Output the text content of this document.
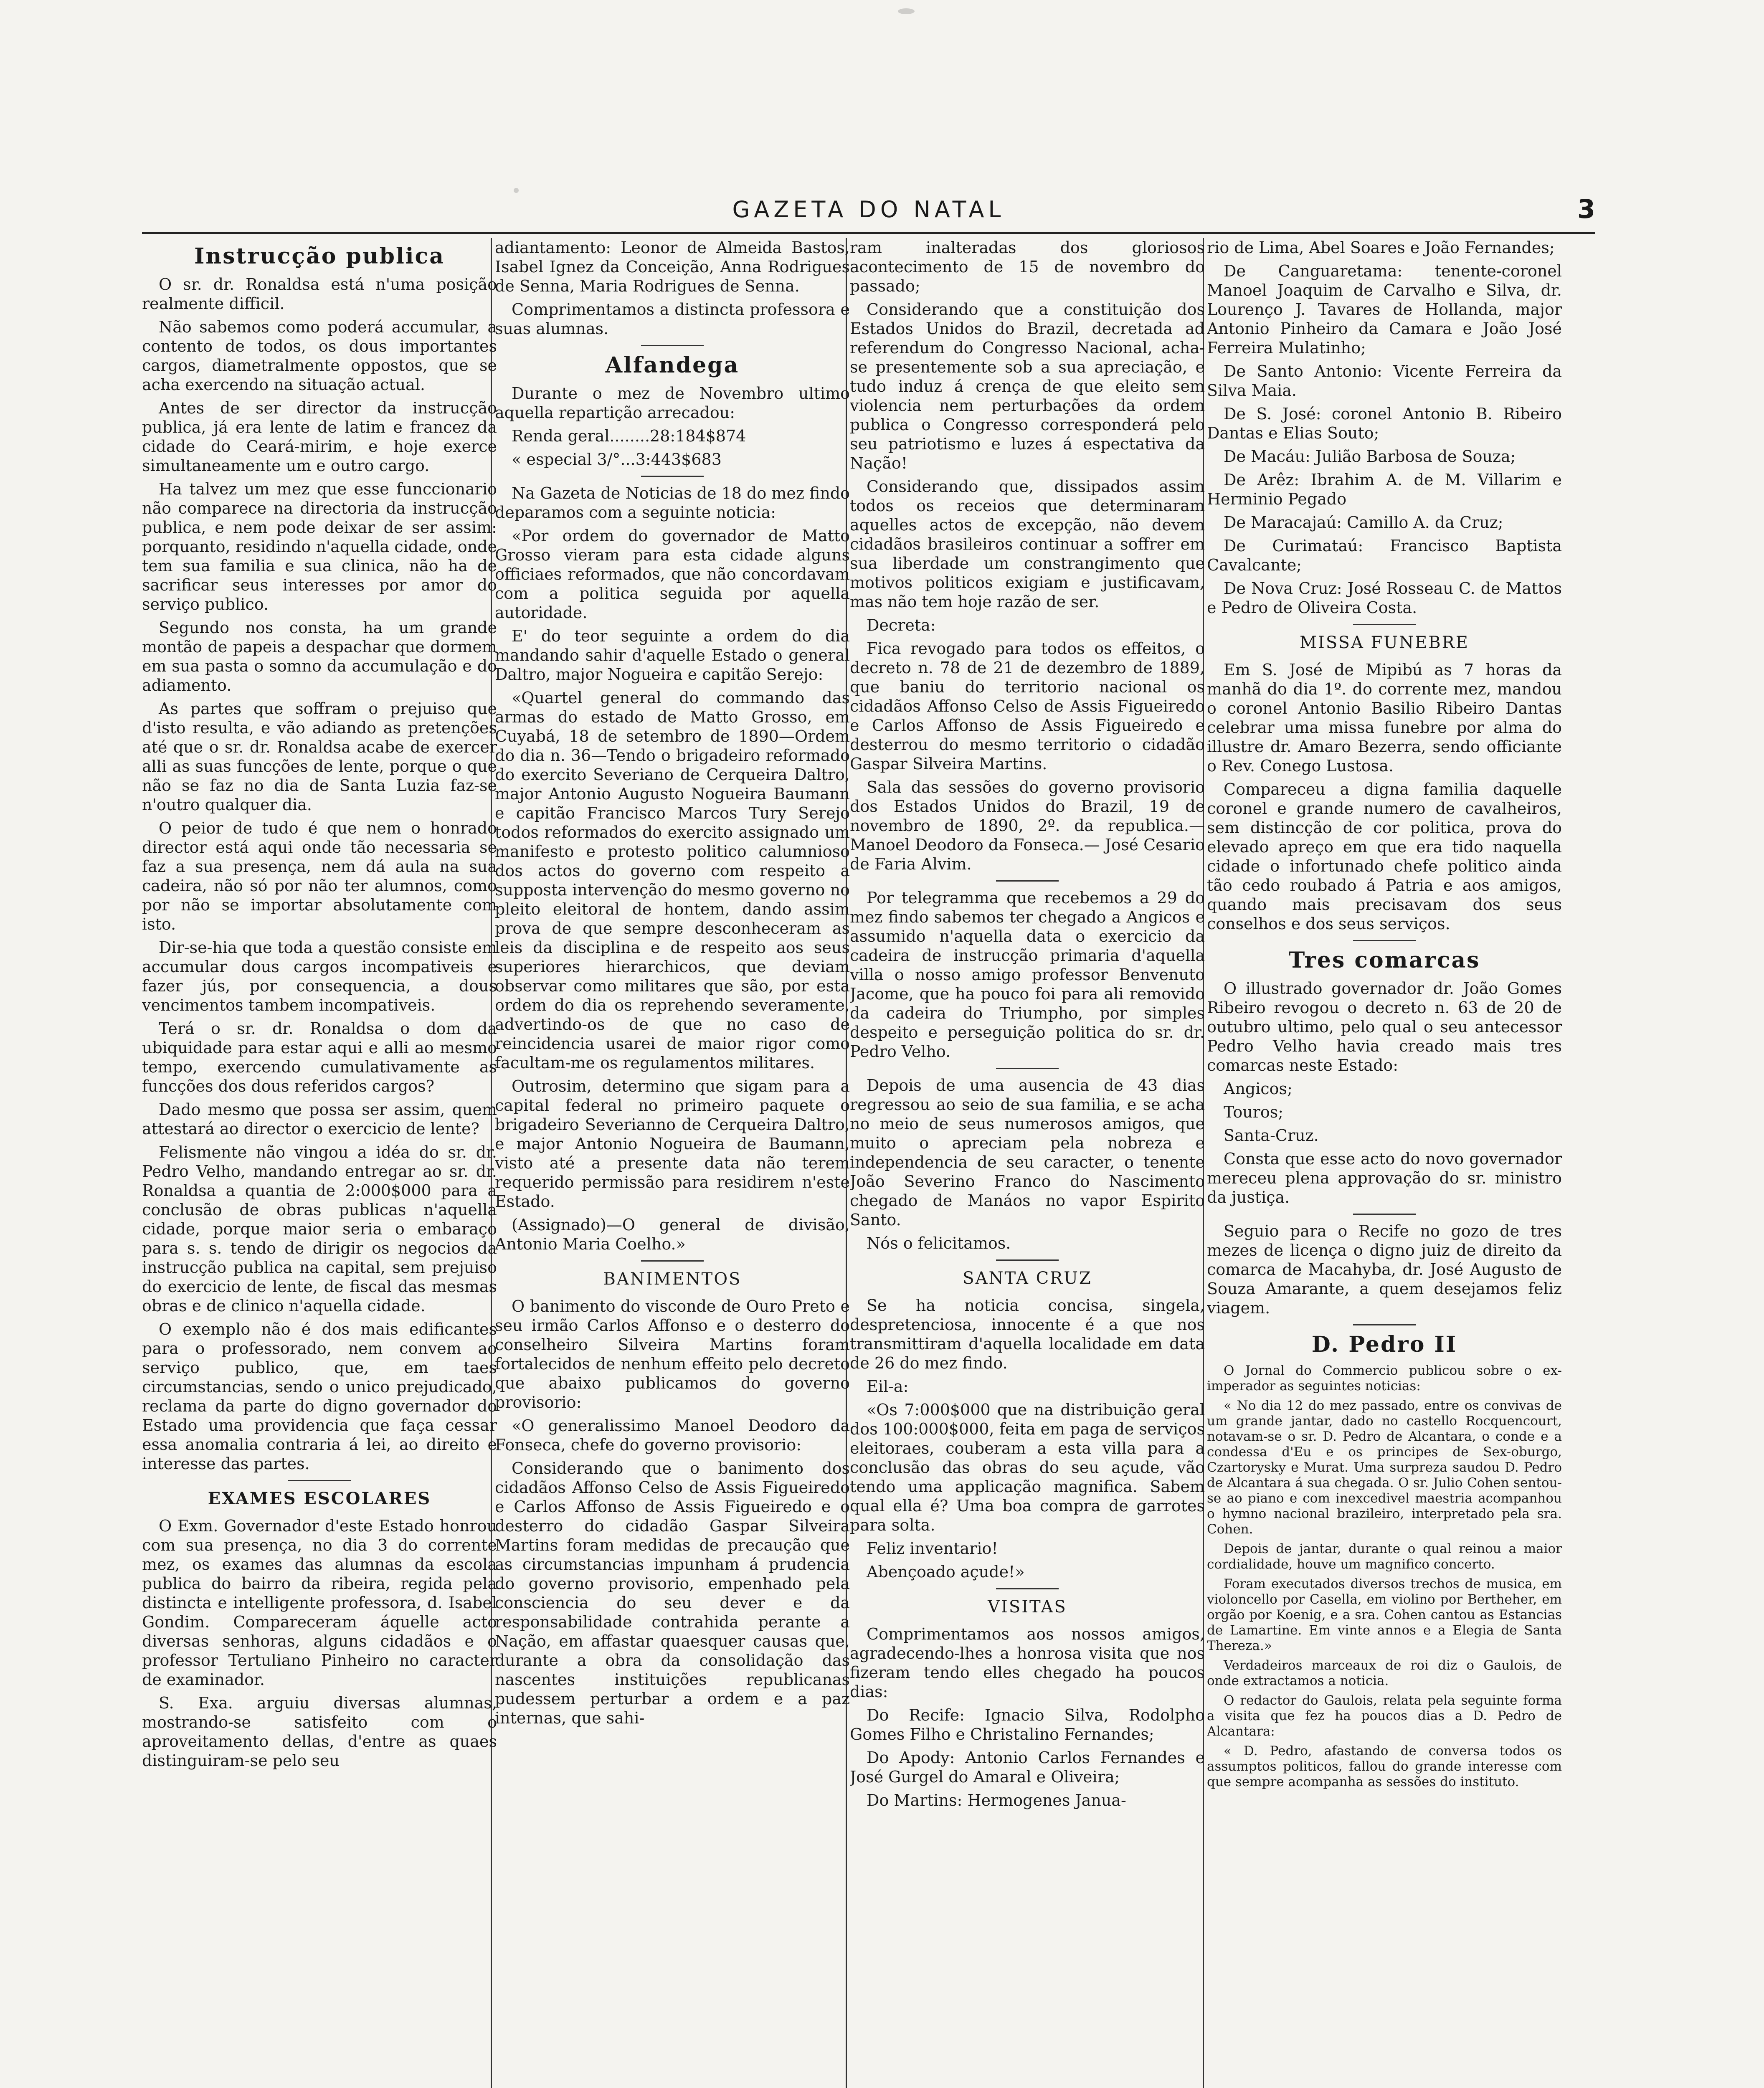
GAZETA DO NATAL	3
Instrucção publica

O sr. dr. Ronaldsa está n'uma posição realmente difficil.

Não sabemos como poderá accumular, a contento de todos, os dous importantes cargos, diametralmente oppostos, que se acha exercendo na situação actual.

Antes de ser director da instrucção publica, já era lente de latim e francez da cidade do Ceará-mirim, e hoje exerce simultaneamente um e outro cargo.

Ha talvez um mez que esse funccionario não comparece na directoria da instrucção publica, e nem pode deixar de ser assim: porquanto, residindo n'aquella cidade, onde tem sua familia e sua clinica, não ha de sacrificar seus interesses por amor do serviço publico.

Segundo nos consta, ha um grande montão de papeis a despachar que dormem em sua pasta o somno da accumulação e do adiamento.

As partes que soffram o prejuiso que d'isto resulta, e vão adiando as pretenções até que o sr. dr. Ronaldsa acabe de exercer alli as suas funcções de lente, porque o que não se faz no dia de Santa Luzia faz-se n'outro qualquer dia.

O peior de tudo é que nem o honrado director está aqui onde tão necessaria se faz a sua presença, nem dá aula na sua cadeira, não só por não ter alumnos, como por não se importar absolutamente com isto.

Dir-se-hia que toda a questão consiste em accumular dous cargos incompativeis e fazer jús, por consequencia, a dous vencimentos tambem incompativeis.

Terá o sr. dr. Ronaldsa o dom da ubiquidade para estar aqui e alli ao mesmo tempo, exercendo cumulativamente as funcções dos dous referidos cargos?

Dado mesmo que possa ser assim, quem attestará ao director o exercicio de lente?

Felismente não vingou a idéa do sr. dr. Pedro Velho, mandando entregar ao sr. dr. Ronaldsa a quantia de 2:000$000 para a conclusão de obras publicas n'aquella cidade, porque maior seria o embaraço para s. s. tendo de dirigir os negocios da instrucção publica na capital, sem prejuiso do exercicio de lente, de fiscal das mesmas obras e de clinico n'aquella cidade.

O exemplo não é dos mais edificantes para o professorado, nem convem ao serviço publico, que, em taes circumstancias, sendo o unico prejudicado, reclama da parte do digno governador do Estado uma providencia que faça cessar essa anomalia contraria á lei, ao direito e interesse das partes.

EXAMES ESCOLARES

O Exm. Governador d'este Estado honrou com sua presença, no dia 3 do corrente mez, os exames das alumnas da escola publica do bairro da ribeira, regida pela distincta e intelligente professora, d. Isabel Gondim. Compareceram áquelle acto diversas senhoras, alguns cidadãos e o professor Tertuliano Pinheiro no caracter de examinador.

S. Exa. arguiu diversas alumnas, mostrando-se satisfeito com o aproveitamento dellas, d'entre as quaes distinguiram-se pelo seu

adiantamento: Leonor de Almeida Bastos, Isabel Ignez da Conceição, Anna Rodrigues de Senna, Maria Rodrigues de Senna.

Comprimentamos a distincta professora e suas alumnas.

Alfandega

Durante o mez de Novembro ultimo aquella repartição arrecadou:

Renda geral........28:184$874

« especial 3/°...3:443$683

Na Gazeta de Noticias de 18 do mez findo deparamos com a seguinte noticia:

«Por ordem do governador de Matto Grosso vieram para esta cidade alguns officiaes reformados, que não concordavam com a politica seguida por aquella autoridade.

E' do teor seguinte a ordem do dia mandando sahir d'aquelle Estado o general Daltro, major Nogueira e capitão Serejo:

«Quartel general do commando das armas do estado de Matto Grosso, em Cuyabá, 18 de setembro de 1890—Ordem do dia n. 36—Tendo o brigadeiro reformado do exercito Severiano de Cerqueira Daltro, major Antonio Augusto Nogueira Baumann e capitão Francisco Marcos Tury Serejo todos reformados do exercito assignado um manifesto e protesto politico calumnioso dos actos do governo com respeito a supposta intervenção do mesmo governo no pleito eleitoral de hontem, dando assim prova de que sempre desconheceram as leis da disciplina e de respeito aos seus superiores hierarchicos, que deviam observar como militares que são, por esta ordem do dia os reprehendo severamente, advertindo-os de que no caso de reincidencia usarei de maior rigor como facultam-me os regulamentos militares.

Outrosim, determino que sigam para a capital federal no primeiro paquete o brigadeiro Severianno de Cerqueira Daltro, e major Antonio Nogueira de Baumann, visto até a presente data não terem requerido permissão para residirem n'este Estado.

(Assignado)—O general de divisão, Antonio Maria Coelho.»

BANIMENTOS

O banimento do visconde de Ouro Preto e seu irmão Carlos Affonso e o desterro do conselheiro Silveira Martins foram fortalecidos de nenhum effeito pelo decreto que abaixo publicamos do governo provisorio:

«O generalissimo Manoel Deodoro da Fonseca, chefe do governo provisorio:

Considerando que o banimento dos cidadãos Affonso Celso de Assis Figueiredo e Carlos Affonso de Assis Figueiredo e o desterro do cidadão Gaspar Silveira Martins foram medidas de precaução que as circumstancias impunham á prudencia do governo provisorio, empenhado pela consciencia do seu dever e da responsabilidade contrahida perante a Nação, em affastar quaesquer causas que, durante a obra da consolidação das nascentes instituições republicanas pudessem perturbar a ordem e a paz internas, que sahi-

ram inalteradas dos gloriosos acontecimento de 15 de novembro do passado;

Considerando que a constituição dos Estados Unidos do Brazil, decretada ad referendum do Congresso Nacional, acha-se presentemente sob a sua apreciação, e tudo induz á crença de que eleito sem violencia nem perturbações da ordem publica o Congresso corresponderá pelo seu patriotismo e luzes á espectativa da Nação!

Considerando que, dissipados assim todos os receios que determinaram aquelles actos de excepção, não devem cidadãos brasileiros continuar a soffrer em sua liberdade um constrangimento que motivos politicos exigiam e justificavam, mas não tem hoje razão de ser.

Decreta:

Fica revogado para todos os effeitos, o decreto n. 78 de 21 de dezembro de 1889, que baniu do territorio nacional os cidadãos Affonso Celso de Assis Figueiredo e Carlos Affonso de Assis Figueiredo e desterrou do mesmo territorio o cidadão Gaspar Silveira Martins.

Sala das sessões do governo provisorio dos Estados Unidos do Brazil, 19 de novembro de 1890, 2º. da republica.—Manoel Deodoro da Fonseca.— José Cesario de Faria Alvim.

Por telegramma que recebemos a 29 do mez findo sabemos ter chegado a Angicos e assumido n'aquella data o exercicio da cadeira de instrucção primaria d'aquella villa o nosso amigo professor Benvenuto Jacome, que ha pouco foi para ali removido da cadeira do Triumpho, por simples despeito e perseguição politica do sr. dr. Pedro Velho.

Depois de uma ausencia de 43 dias regressou ao seio de sua familia, e se acha no meio de seus numerosos amigos, que muito o apreciam pela nobreza e independencia de seu caracter, o tenente João Severino Franco do Nascimento chegado de Manáos no vapor Espirito Santo.

Nós o felicitamos.

SANTA CRUZ

Se ha noticia concisa, singela, despretenciosa, innocente é a que nos transmittiram d'aquella localidade em data de 26 do mez findo.

Eil-a:

«Os 7:000$000 que na distribuição geral dos 100:000$000, feita em paga de serviços eleitoraes, couberam a esta villa para a conclusão das obras do seu açude, vão tendo uma applicação magnifica. Sabem qual ella é? Uma boa compra de garrotes para solta.

Feliz inventario!

Abençoado açude!»

VISITAS

Comprimentamos aos nossos amigos, agradecendo-lhes a honrosa visita que nos fizeram tendo elles chegado ha poucos dias:

Do Recife: Ignacio Silva, Rodolpho Gomes Filho e Christalino Fernandes;

Do Apody: Antonio Carlos Fernandes e José Gurgel do Amaral e Oliveira;

Do Martins: Hermogenes Janua-

rio de Lima, Abel Soares e João Fernandes;

De Canguaretama: tenente-coronel Manoel Joaquim de Carvalho e Silva, dr. Lourenço J. Tavares de Hollanda, major Antonio Pinheiro da Camara e João José Ferreira Mulatinho;

De Santo Antonio: Vicente Ferreira da Silva Maia.

De S. José: coronel Antonio B. Ribeiro Dantas e Elias Souto;

De Macáu: Julião Barbosa de Souza;

De Arêz: Ibrahim A. de M. Villarim e Herminio Pegado

De Maracajaú: Camillo A. da Cruz;

De Curimataú: Francisco Baptista Cavalcante;

De Nova Cruz: José Rosseau C. de Mattos e Pedro de Oliveira Costa.

MISSA FUNEBRE

Em S. José de Mipibú as 7 horas da manhã do dia 1º. do corrente mez, mandou o coronel Antonio Basilio Ribeiro Dantas celebrar uma missa funebre por alma do illustre dr. Amaro Bezerra, sendo officiante o Rev. Conego Lustosa.

Compareceu a digna familia daquelle coronel e grande numero de cavalheiros, sem distincção de cor politica, prova do elevado apreço em que era tido naquella cidade o infortunado chefe politico ainda tão cedo roubado á Patria e aos amigos, quando mais precisavam dos seus conselhos e dos seus serviços.

Tres comarcas

O illustrado governador dr. João Gomes Ribeiro revogou o decreto n. 63 de 20 de outubro ultimo, pelo qual o seu antecessor Pedro Velho havia creado mais tres comarcas neste Estado:

Angicos;

Touros;

Santa-Cruz.

Consta que esse acto do novo governador mereceu plena approvação do sr. ministro da justiça.

Seguio para o Recife no gozo de tres mezes de licença o digno juiz de direito da comarca de Macahyba, dr. José Augusto de Souza Amarante, a quem desejamos feliz viagem.

D. Pedro II

O Jornal do Commercio publicou sobre o ex-imperador as seguintes noticias:

« No dia 12 do mez passado, entre os convivas de um grande jantar, dado no castello Rocquencourt, notavam-se o sr. D. Pedro de Alcantara, o conde e a condessa d'Eu e os principes de Sex-oburgo, Czartorysky e Murat. Uma surpreza saudou D. Pedro de Alcantara á sua chegada. O sr. Julio Cohen sentou-se ao piano e com inexcedivel maestria acompanhou o hymno nacional brazileiro, interpretado pela sra. Cohen.

Depois de jantar, durante o qual reinou a maior cordialidade, houve um magnifico concerto.

Foram executados diversos trechos de musica, em violoncello por Casella, em violino por Bertheher, em orgão por Koenig, e a sra. Cohen cantou as Estancias de Lamartine. Em vinte annos e a Elegia de Santa Thereza.»

Verdadeiros marceaux de roi diz o Gaulois, de onde extractamos a noticia.

O redactor do Gaulois, relata pela seguinte forma a visita que fez ha poucos dias a D. Pedro de Alcantara:

« D. Pedro, afastando de conversa todos os assumptos politicos, fallou do grande interesse com que sempre acompanha as sessões do instituto.
